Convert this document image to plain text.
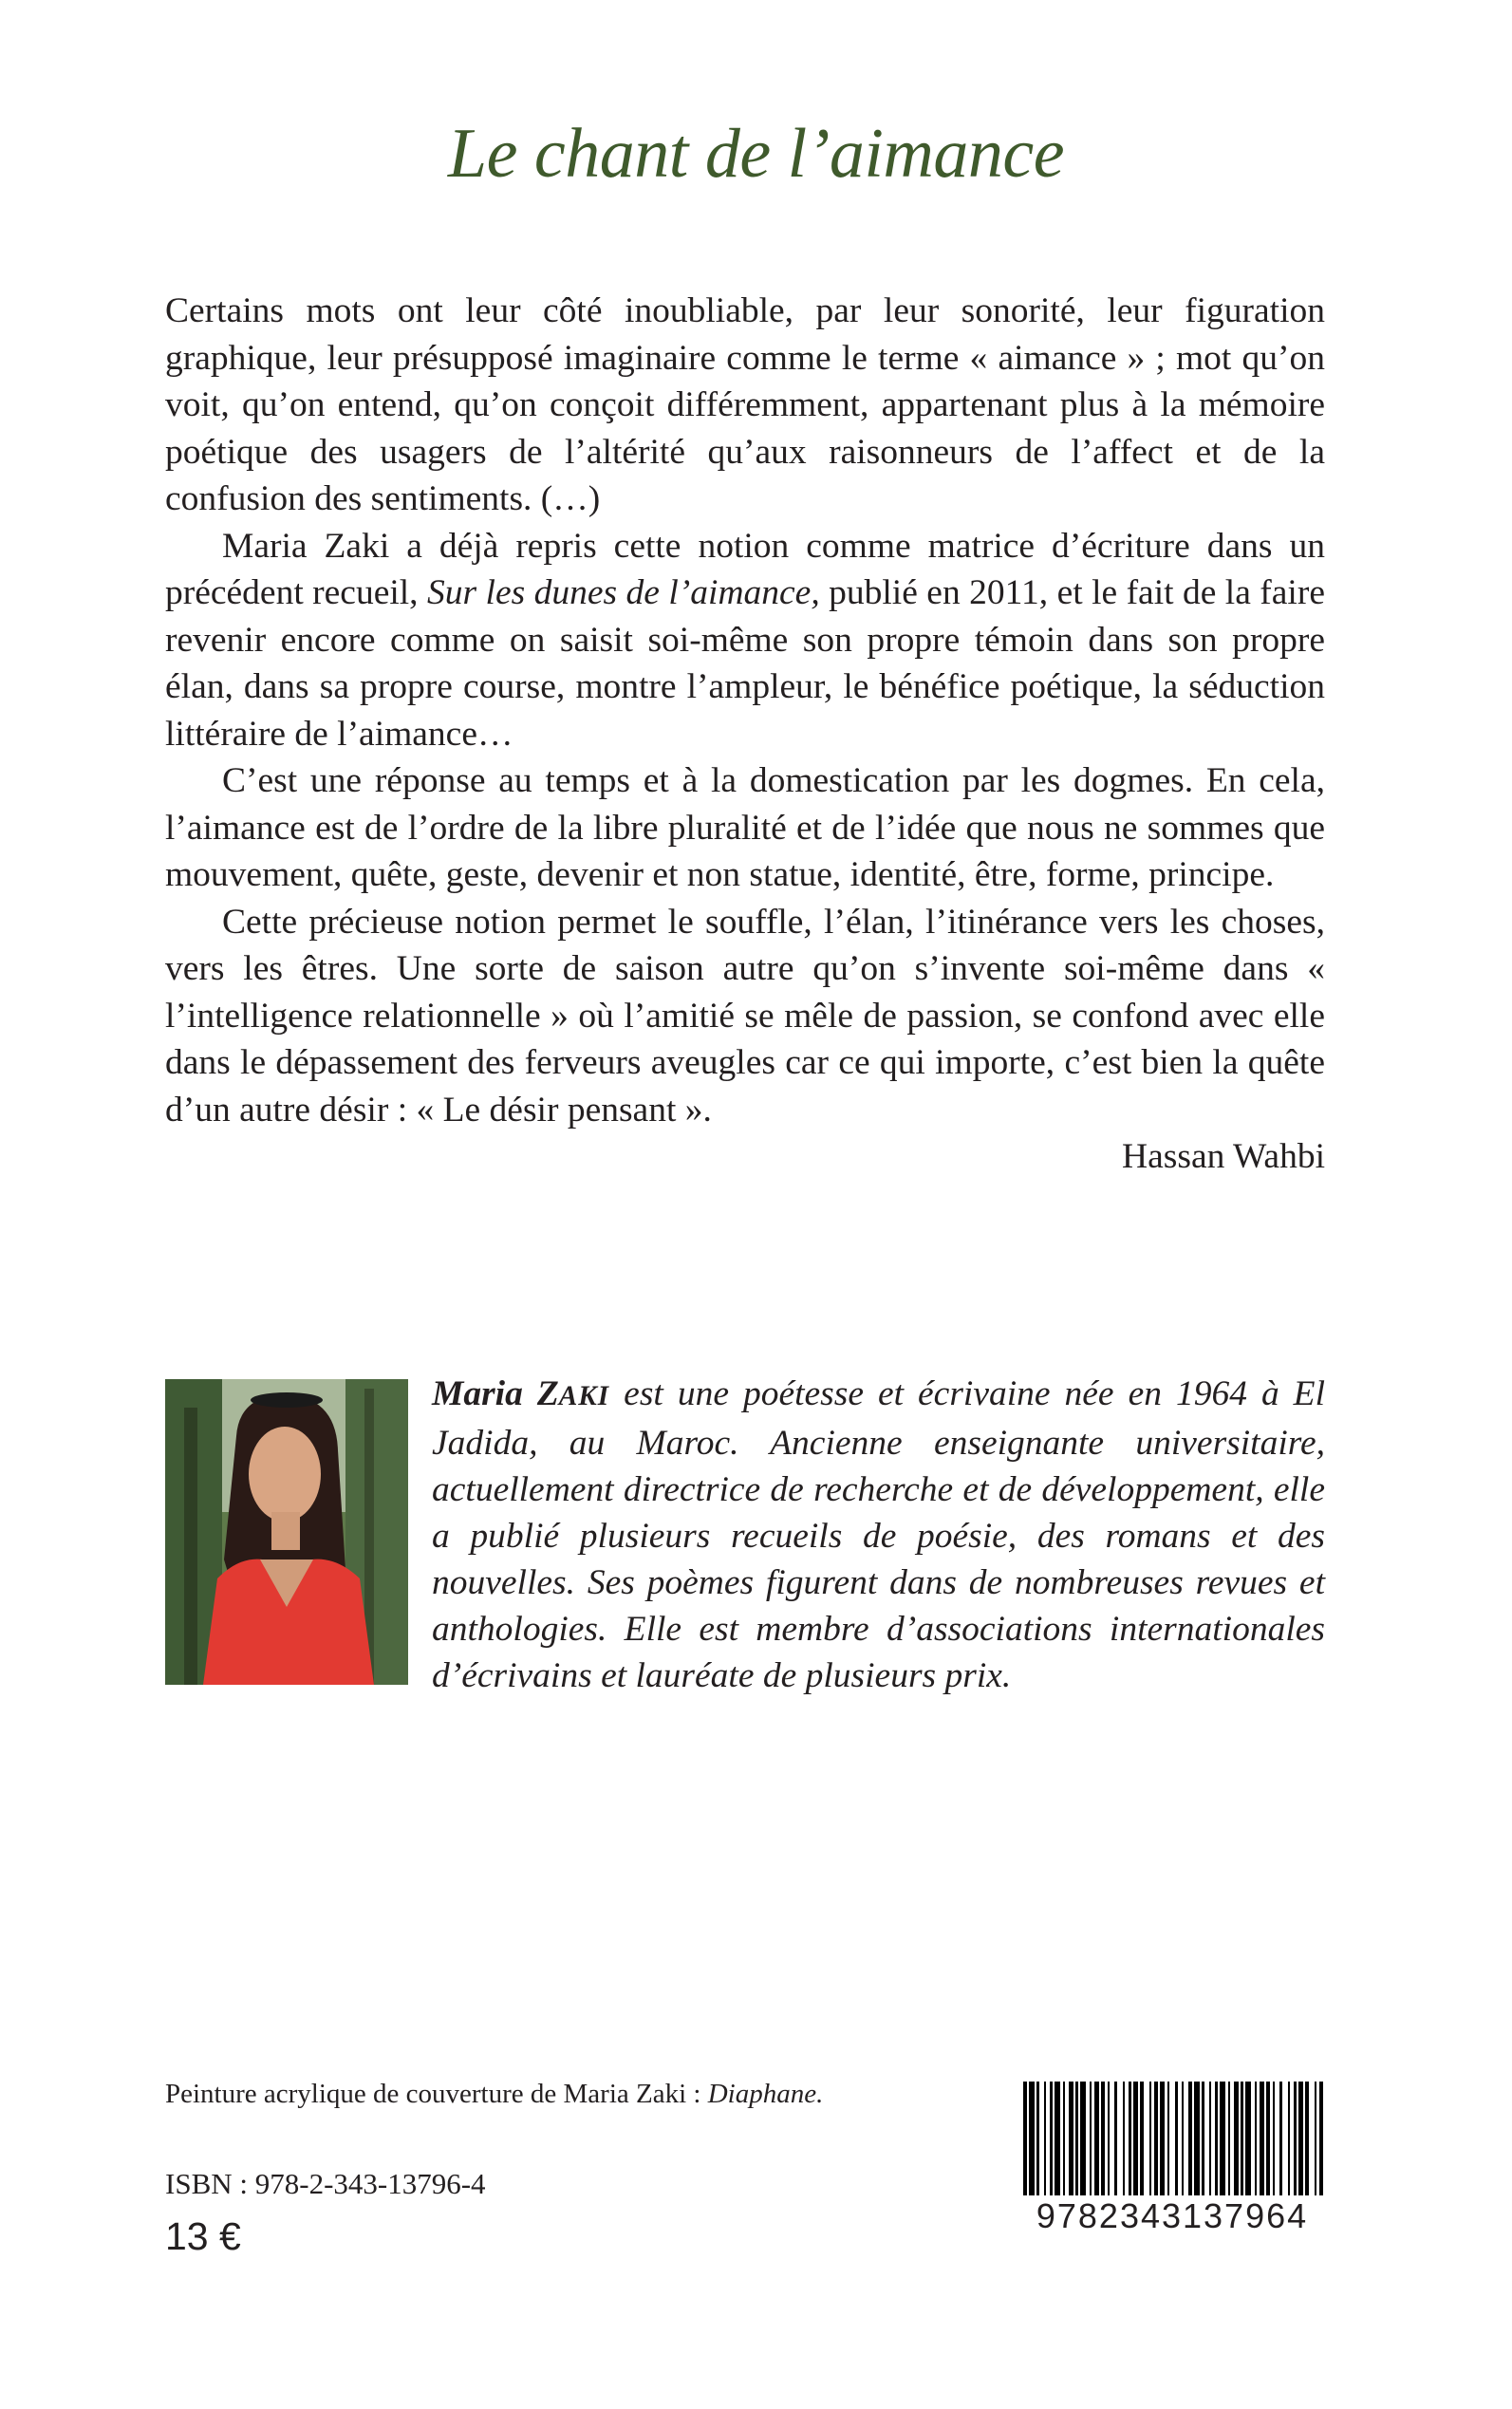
Le chant de l’aimance

Certains mots ont leur côté inoubliable, par leur sonorité, leur figuration graphique, leur présupposé imaginaire comme le terme « aimance » ; mot qu’on voit, qu’on entend, qu’on conçoit différemment, appartenant plus à la mémoire poétique des usagers de l’altérité qu’aux raisonneurs de l’affect et de la confusion des sentiments. (…)

Maria Zaki a déjà repris cette notion comme matrice d’écriture dans un précédent recueil, Sur les dunes de l’aimance, publié en 2011, et le fait de la faire revenir encore comme on saisit soi-même son propre témoin dans son propre élan, dans sa propre course, montre l’ampleur, le bénéfice poétique, la séduction littéraire de l’aimance…

C’est une réponse au temps et à la domestication par les dogmes. En cela, l’aimance est de l’ordre de la libre pluralité et de l’idée que nous ne sommes que mouvement, quête, geste, devenir et non statue, identité, être, forme, principe.

Cette précieuse notion permet le souffle, l’élan, l’itinérance vers les choses, vers les êtres. Une sorte de saison autre qu’on s’invente soi-même dans « l’intelligence relationnelle » où l’amitié se mêle de passion, se confond avec elle dans le dépassement des ferveurs aveugles car ce qui importe, c’est bien la quête d’un autre désir : « Le désir pensant ».

Hassan Wahbi

Maria ZAKI est une poétesse et écrivaine née en 1964 à El Jadida, au Maroc. Ancienne enseignante universitaire, actuellement directrice de recherche et de développement, elle a publié plusieurs recueils de poésie, des romans et des nouvelles. Ses poèmes figurent dans de nombreuses revues et anthologies. Elle est membre d’associations internationales d’écrivains et lauréate de plusieurs prix.

Peinture acrylique de couverture de Maria Zaki : Diaphane.

ISBN : 978-2-343-13796-4

13 €	9782343137964
